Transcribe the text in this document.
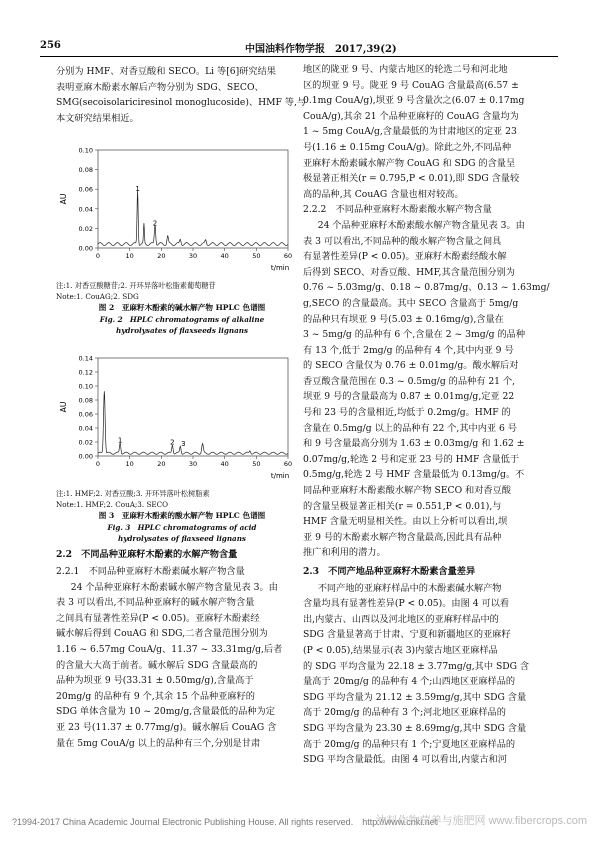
256	中国油料作物学报　2017,39(2)
分别为 HMF、对香豆酸和 SECO。Li 等[6]研究结果
表明亚麻木酚素水解后产物分别为 SDG、SECO、
SMG(secoisolariciresinol monoglucoside)、HMF 等,与
本文研究结果相近。
0.10
0.08
0.06
0.04
0.02
0.00
0	10	20	30	40	50	60
AU
t/min
1
2
注:1. 对香豆酸糖苷;2. 开环异落叶松脂素葡萄糖苷
Note:1. CouAG;2. SDG
图 2　亚麻籽木酚素的碱水解产物 HPLC 色谱图
Fig. 2　HPLC chromatograms of alkaline
hydrolysates of flaxseeds lignans
0.14
0.12
0.10
0.08
0.06
0.04
0.02
0.00
0	10	20	30	40	50	60
AU
t/min
1	2 3
注:1. HMF;2. 对香豆酸;3. 开环异落叶松树脂素
Note:1. HMF;2. CouA;3. SECO
图 3　亚麻籽木酚素的酸水解产物 HPLC 色谱图
Fig. 3　HPLC chromatograms of acid
hydrolysates of flaxseed lignans

2.2　不同品种亚麻籽木酚素的水解产物含量

2.2.1　不同品种亚麻籽木酚素碱水解产物含量

24 个品种亚麻籽木酚素碱水解产物含量见表 3。由
表 3 可以看出,不同品种亚麻籽的碱水解产物含量
之间具有显著性差异(P < 0.05)。亚麻籽木酚素经
碱水解后得到 CouAG 和 SDG,二者含量范围分别为
1.16 ~ 6.57mg CouA/g、11.37 ~ 33.31mg/g,后者
的含量大大高于前者。碱水解后 SDG 含量最高的
品种为坝亚 9 号(33.31 ± 0.50mg/g),含量高于
20mg/g 的品种有 9 个,其余 15 个品种亚麻籽的
SDG 单体含量为 10 ~ 20mg/g,含量最低的品种为定
亚 23 号(11.37 ± 0.77mg/g)。碱水解后 CouAG 含
量在 5mg CouA/g 以上的品种有三个,分别是甘肃
地区的陇亚 9 号、内蒙古地区的轮选二号和河北地
区的坝亚 9 号。陇亚 9 号 CouAG 含量最高(6.57 ±
0.1mg CouA/g),坝亚 9 号含量次之(6.07 ± 0.17mg
CouA/g),其余 21 个品种亚麻籽的 CouAG 含量均为
1 ~ 5mg CouA/g,含量最低的为甘肃地区的定亚 23
号(1.16 ± 0.15mg CouA/g)。除此之外,不同品种
亚麻籽木酚素碱水解产物 CouAG 和 SDG 的含量呈
极显著正相关(r = 0.795,P < 0.01),即 SDG 含量较
高的品种,其 CouAG 含量也相对较高。

2.2.2　不同品种亚麻籽木酚素酸水解产物含量

24 个品种亚麻籽木酚素酸水解产物含量见表 3。由
表 3 可以看出,不同品种的酸水解产物含量之间具
有显著性差异(P < 0.05)。亚麻籽木酚素经酸水解
后得到 SECO、对香豆酸、HMF,其含量范围分别为
0.76 ~ 5.03mg/g、0.18 ~ 0.87mg/g、0.13 ~ 1.63mg/
g,SECO 的含量最高。其中 SECO 含量高于 5mg/g
的品种只有坝亚 9 号(5.03 ± 0.16mg/g),含量在
3 ~ 5mg/g 的品种有 6 个,含量在 2 ~ 3mg/g 的品种
有 13 个,低于 2mg/g 的品种有 4 个,其中内亚 9 号
的 SECO 含量仅为 0.76 ± 0.01mg/g。酸水解后对
香豆酸含量范围在 0.3 ~ 0.5mg/g 的品种有 21 个,
坝亚 9 号的含量最高为 0.87 ± 0.01mg/g,定亚 22
号和 23 号的含量相近,均低于 0.2mg/g。HMF 的
含量在 0.5mg/g 以上的品种有 22 个,其中内亚 6 号
和 9 号含量最高分别为 1.63 ± 0.03mg/g 和 1.62 ±
0.07mg/g,轮选 2 号和定亚 23 号的 HMF 含量低于
0.5mg/g,轮选 2 号 HMF 含量最低为 0.13mg/g。不
同品种亚麻籽木酚素酸水解产物 SECO 和对香豆酸
的含量呈极显著正相关(r = 0.551,P < 0.01),与
HMF 含量无明显相关性。由以上分析可以看出,坝
亚 9 号的木酚素水解产物含量最高,因此具有品种
推广和利用的潜力。

2.3　不同产地品种亚麻籽木酚素含量差异

不同产地的亚麻籽样品中的木酚素碱水解产物
含量均具有显著性差异(P < 0.05)。由图 4 可以看
出,内蒙古、山西以及河北地区的亚麻籽样品中的
SDG 含量显著高于甘肃、宁夏和新疆地区的亚麻籽
(P < 0.05),结果显示(表 3)内蒙古地区亚麻样品
的 SDG 平均含量为 22.18 ± 3.77mg/g,其中 SDG 含
量高于 20mg/g 的品种有 4 个;山西地区亚麻样品的
SDG 平均含量为 21.12 ± 3.59mg/g,其中 SDG 含量
高于 20mg/g 的品种有 3 个;河北地区亚麻样品的
SDG 平均含量为 23.30 ± 8.69mg/g,其中 SDG 含量
高于 20mg/g 的品种只有 1 个;宁夏地区亚麻样品的
SDG 平均含量最低。由图 4 可以看出,内蒙古和河
?1994-2017 China Academic Journal Electronic Publishing House. All rights reserved.　http://www.cnki.net
油料作物营养与施肥网 www.fibercrops.com
